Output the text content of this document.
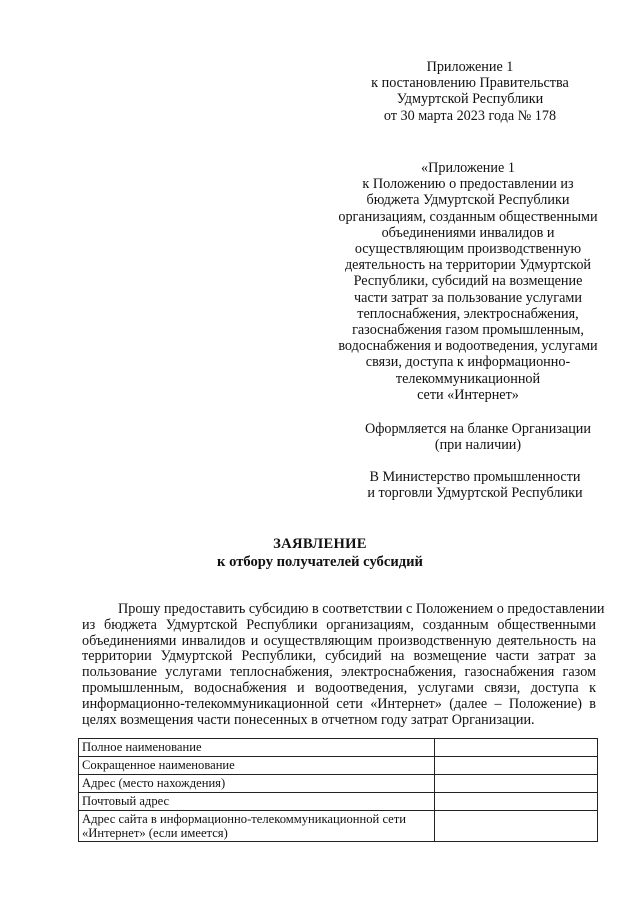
Приложение 1
к постановлению Правительства
Удмуртской Республики
от 30 марта 2023 года № 178
«Приложение 1
к Положению о предоставлении из
бюджета Удмуртской Республики
организациям, созданным общественными
объединениями инвалидов и
осуществляющим производственную
деятельность на территории Удмуртской
Республики, субсидий на возмещение
части затрат за пользование услугами
теплоснабжения, электроснабжения,
газоснабжения газом промышленным,
водоснабжения и водоотведения, услугами
связи, доступа к информационно-
телекоммуникационной
сети «Интернет»
Оформляется на бланке Организации
(при наличии)
В Министерство промышленности
и торговли Удмуртской Республики
ЗАЯВЛЕНИЕ
к отбору получателей субсидий
Прошу предоставить субсидию в соответствии с Положением о предоставлении
из бюджета Удмуртской Республики организациям, созданным общественными
объединениями инвалидов и осуществляющим производственную деятельность на
территории Удмуртской Республики, субсидий на возмещение части затрат за
пользование услугами теплоснабжения, электроснабжения, газоснабжения газом
промышленным, водоснабжения и водоотведения, услугами связи, доступа к
информационно-телекоммуникационной сети «Интернет» (далее – Положение) в
целях возмещения части понесенных в отчетном году затрат Организации.
Полное наименование	
Сокращенное наименование	
Адрес (место нахождения)	
Почтовый адрес	

Адрес сайта в информационно-телекоммуникационной сети
«Интернет» (если имеется)	
